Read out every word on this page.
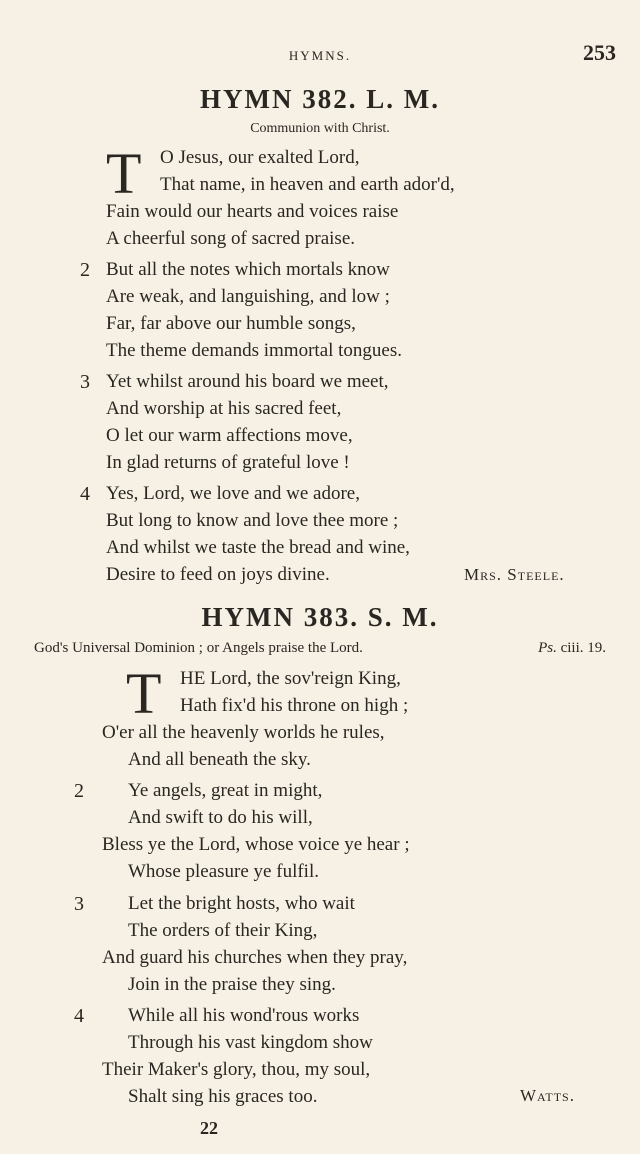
HYMNS.	253
HYMN 382. L. M.
Communion with Christ.
T O Jesus, our exalted Lord,
That name, in heaven and earth ador'd,
Fain would our hearts and voices raise
A cheerful song of sacred praise.
2 But all the notes which mortals know
Are weak, and languishing, and low ;
Far, far above our humble songs,
The theme demands immortal tongues.
3 Yet whilst around his board we meet,
And worship at his sacred feet,
O let our warm affections move,
In glad returns of grateful love !
4 Yes, Lord, we love and we adore,
But long to know and love thee more ;
And whilst we taste the bread and wine,
Desire to feed on joys divine.	Mrs. Steele.
HYMN 383. S. M.
God's Universal Dominion ; or Angels praise the Lord.	Ps. ciii. 19.
T HE Lord, the sov'reign King,
Hath fix'd his throne on high ;
O'er all the heavenly worlds he rules,
And all beneath the sky.
2 Ye angels, great in might,
And swift to do his will,
Bless ye the Lord, whose voice ye hear ;
Whose pleasure ye fulfil.
3 Let the bright hosts, who wait
The orders of their King,
And guard his churches when they pray,
Join in the praise they sing.
4 While all his wond'rous works
Through his vast kingdom show
Their Maker's glory, thou, my soul,
Shalt sing his graces too.	Watts.
22
